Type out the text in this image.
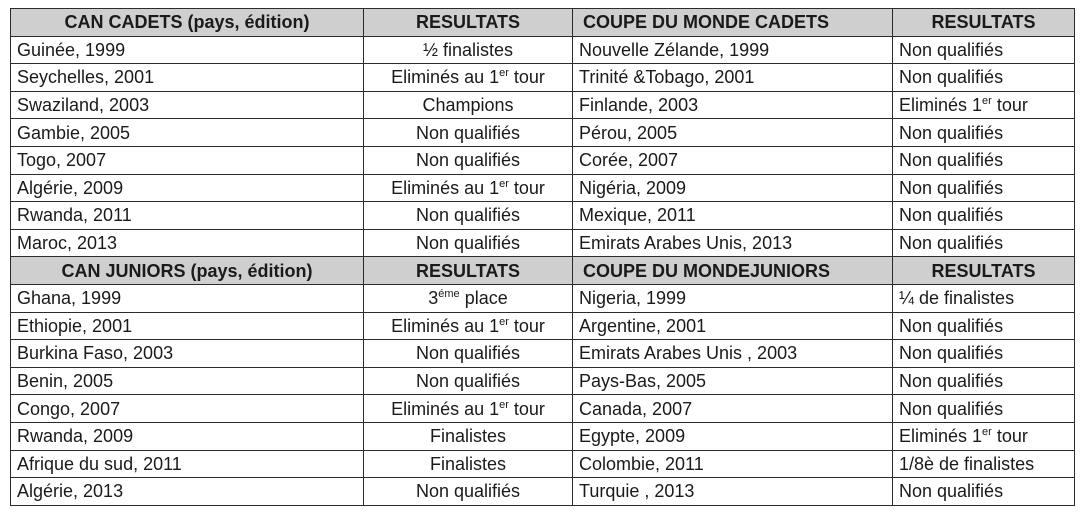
CAN CADETS (pays, édition)	RESULTATS	COUPE DU MONDE CADETS	RESULTATS
Guinée, 1999	½ finalistes	Nouvelle Zélande, 1999	Non qualifiés
Seychelles, 2001	Eliminés au 1er tour	Trinité &Tobago, 2001	Non qualifiés
Swaziland, 2003	Champions	Finlande, 2003	Eliminés 1er tour
Gambie, 2005	Non qualifiés	Pérou, 2005	Non qualifiés
Togo, 2007	Non qualifiés	Corée, 2007	Non qualifiés
Algérie, 2009	Eliminés au 1er tour	Nigéria, 2009	Non qualifiés
Rwanda, 2011	Non qualifiés	Mexique, 2011	Non qualifiés
Maroc, 2013	Non qualifiés	Emirats Arabes Unis, 2013	Non qualifiés
CAN JUNIORS (pays, édition)	RESULTATS	COUPE DU MONDEJUNIORS	RESULTATS
Ghana, 1999	$3^{éme}$ place	Nigeria, 1999	¼ de finalistes
Ethiopie, 2001	Eliminés au 1er tour	Argentine, 2001	Non qualifiés
Burkina Faso, 2003	Non qualifiés	Emirats Arabes Unis , 2003	Non qualifiés
Benin, 2005	Non qualifiés	Pays-Bas, 2005	Non qualifiés
Congo, 2007	Eliminés au 1er tour	Canada, 2007	Non qualifiés
Rwanda, 2009	Finalistes	Egypte, 2009	Eliminés 1er tour
Afrique du sud, 2011	Finalistes	Colombie, 2011	1/8è de finalistes
Algérie, 2013	Non qualifiés	Turquie , 2013	Non qualifiés
